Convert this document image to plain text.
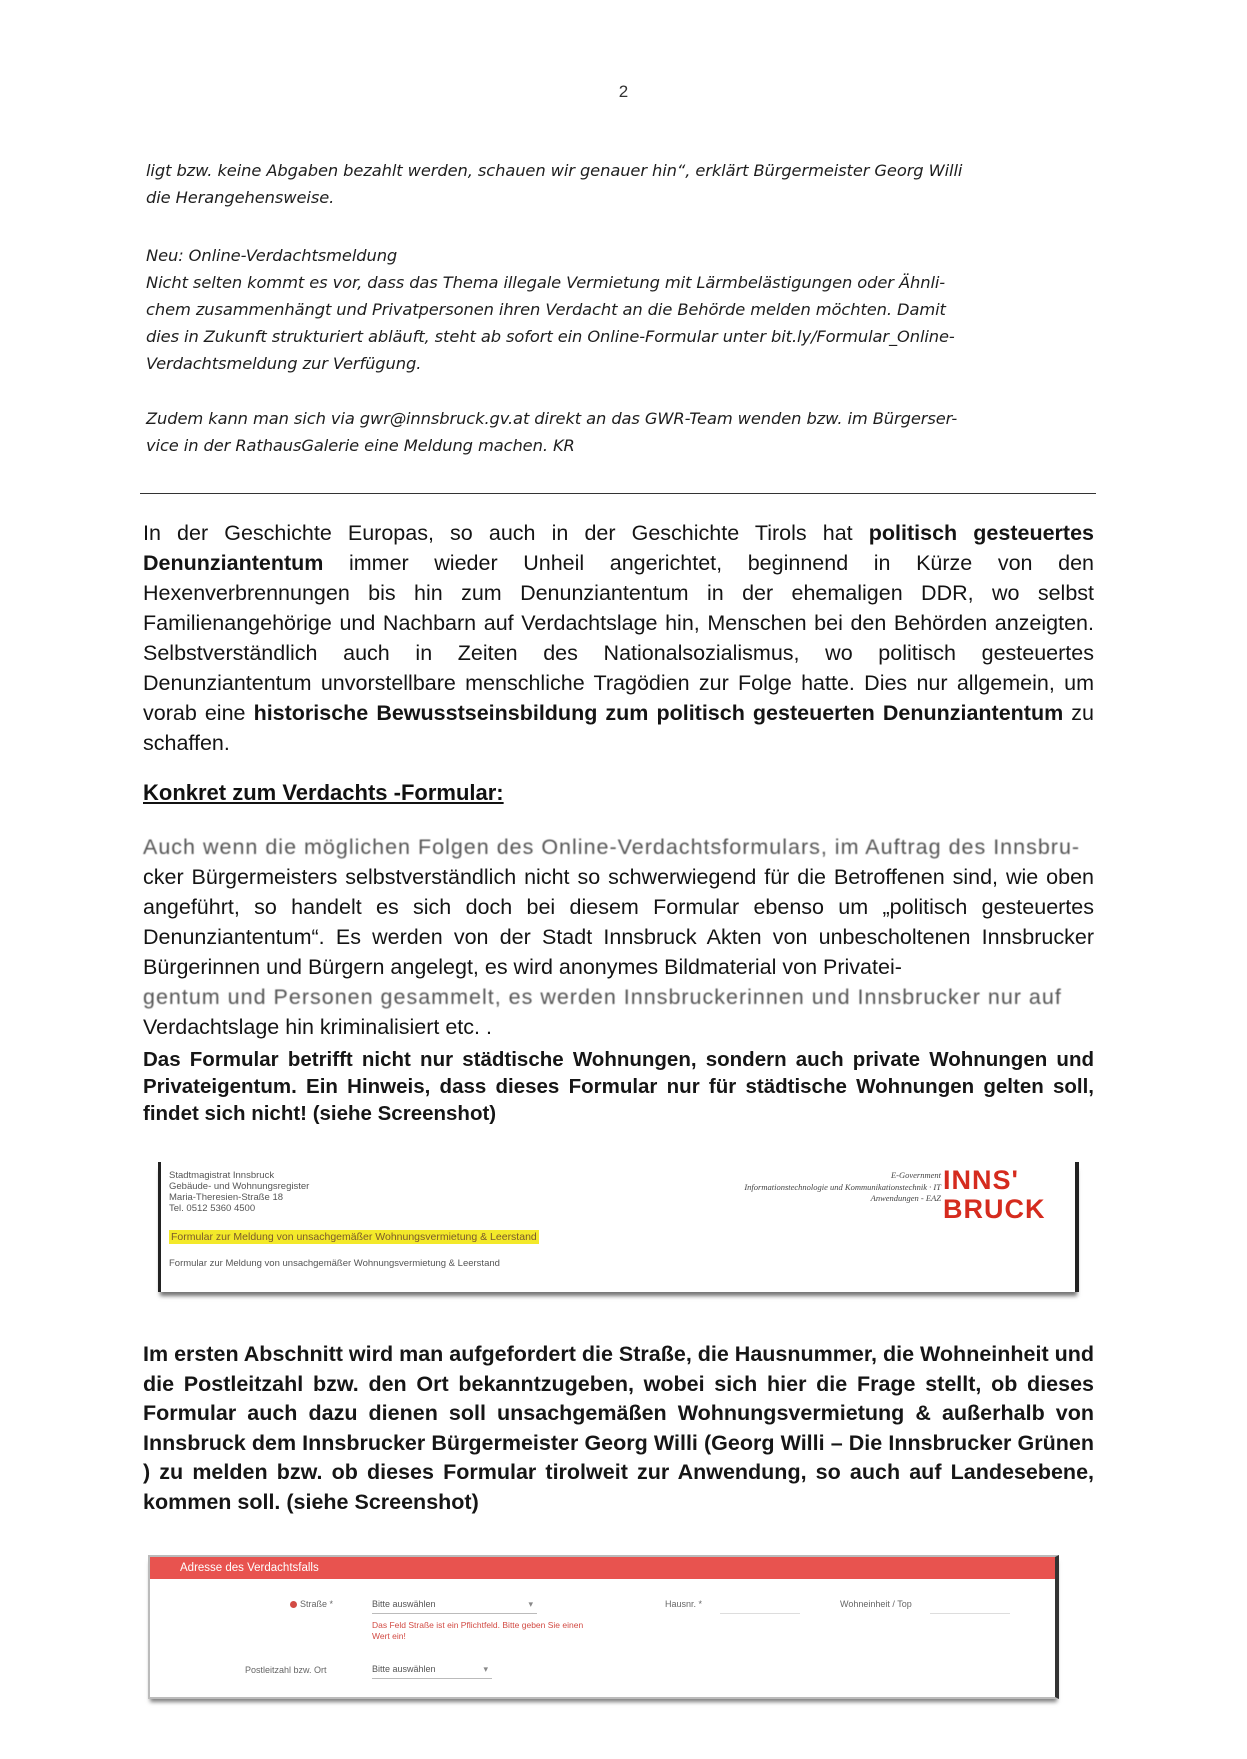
2

ligt bzw. keine Abgaben bezahlt werden, schauen wir genauer hin“, erklärt Bürgermeister Georg Willi

die Herangehensweise.

Neu: Online-Verdachtsmeldung

Nicht selten kommt es vor, dass das Thema illegale Vermietung mit Lärmbelästigungen oder Ähnli-

chem zusammenhängt und Privatpersonen ihren Verdacht an die Behörde melden möchten. Damit

dies in Zukunft strukturiert abläuft, steht ab sofort ein Online-Formular unter bit.ly/Formular_Online-

Verdachtsmeldung zur Verfügung.

Zudem kann man sich via gwr@innsbruck.gv.at direkt an das GWR-Team wenden bzw. im Bürgerser-

vice in der RathausGalerie eine Meldung machen. KR

In der Geschichte Europas, so auch in der Geschichte Tirols hat politisch gesteuertes Denunziantentum immer wieder Unheil angerichtet, beginnend in Kürze von den Hexenverbrennungen bis hin zum Denunziantentum in der ehemaligen DDR, wo selbst Familienangehörige und Nachbarn auf Verdachtslage hin, Menschen bei den Behörden anzeigten. Selbstverständlich auch in Zeiten des Nationalsozialismus, wo politisch gesteuertes Denunziantentum unvorstellbare menschliche Tragödien zur Folge hatte. Dies nur allgemein, um vorab eine historische Bewusstseinsbildung zum politisch gesteuerten Denunziantentum zu schaffen.

Konkret zum Verdachts -Formular:

Auch wenn die möglichen Folgen des Online-Verdachtsformulars, im Auftrag des Innsbru-

cker Bürgermeisters selbstverständlich nicht so schwerwiegend für die Betroffenen sind, wie oben angeführt, so handelt es sich doch bei diesem Formular ebenso um „politisch gesteuertes Denunziantentum“. Es werden von der Stadt Innsbruck Akten von unbescholtenen Innsbrucker Bürgerinnen und Bürgern angelegt, es wird anonymes Bildmaterial von Privatei-

gentum und Personen gesammelt, es werden Innsbruckerinnen und Innsbrucker nur auf

Verdachtslage hin kriminalisiert etc. .

Das Formular betrifft nicht nur städtische Wohnungen, sondern auch private Wohnungen und Privateigentum. Ein Hinweis, dass dieses Formular nur für städtische Wohnungen gelten soll, findet sich nicht! (siehe Screenshot)
Stadtmagistrat Innsbruck
Gebäude- und Wohnungsregister
Maria-Theresien-Straße 18
Tel. 0512 5360 4500
E-Government
Informationstechnologie und Kommunikationstechnik · IT
Anwendungen - EAZ
INNS'
BRUCK
Formular zur Meldung von unsachgemäßer Wohnungsvermietung & Leerstand
Formular zur Meldung von unsachgemäßer Wohnungsvermietung & Leerstand
Im ersten Abschnitt wird man aufgefordert die Straße, die Hausnummer, die Wohneinheit und die Postleitzahl bzw. den Ort bekanntzugeben, wobei sich hier die Frage stellt, ob dieses Formular auch dazu dienen soll unsachgemäßen Wohnungsvermietung & außerhalb von Innsbruck dem Innsbrucker Bürgermeister Georg Willi (Georg Willi – Die Innsbrucker Grünen ) zu melden bzw. ob dieses Formular tirolweit zur Anwendung, so auch auf Landesebene, kommen soll. (siehe Screenshot)
Adresse des Verdachtsfalls
Straße *	Bitte auswählen	▾
Das Feld Straße ist ein Pflichtfeld. Bitte geben Sie einen Wert ein!
Hausnr. *	Wohneinheit / Top
Postleitzahl bzw. Ort	Bitte auswählen	▾
